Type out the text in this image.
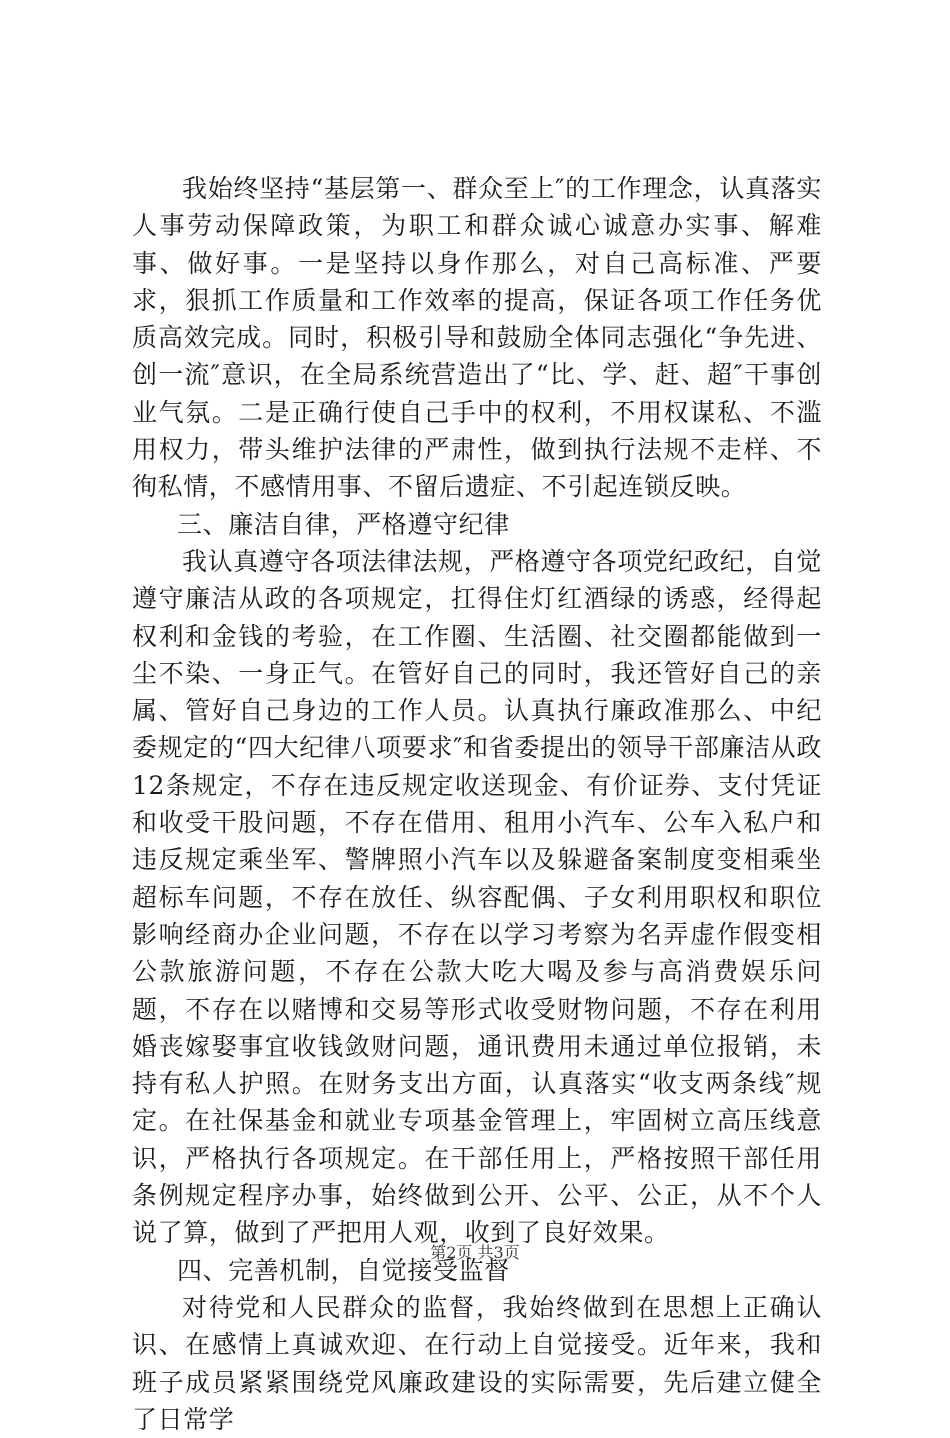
我始终坚持“基层第一、群众至上″的工作理念，认真落实人事劳动保障政策，为职工和群众诚心诚意办实事、解难事、做好事。一是坚持以身作那么，对自己高标准、严要求，狠抓工作质量和工作效率的提高，保证各项工作任务优质高效完成。同时，积极引导和鼓励全体同志强化“争先进、创一流″意识，在全局系统营造出了“比、学、赶、超″干事创业气氛。二是正确行使自己手中的权利，不用权谋私、不滥用权力，带头维护法律的严肃性，做到执行法规不走样、不徇私情，不感情用事、不留后遗症、不引起连锁反映。

三、廉洁自律，严格遵守纪律

我认真遵守各项法律法规，严格遵守各项党纪政纪，自觉遵守廉洁从政的各项规定，扛得住灯红酒绿的诱惑，经得起权利和金钱的考验，在工作圈、生活圈、社交圈都能做到一尘不染、一身正气。在管好自己的同时，我还管好自己的亲属、管好自己身边的工作人员。认真执行廉政准那么、中纪委规定的“四大纪律八项要求″和省委提出的领导干部廉洁从政12条规定，不存在违反规定收送现金、有价证券、支付凭证和收受干股问题，不存在借用、租用小汽车、公车入私户和违反规定乘坐军、警牌照小汽车以及躲避备案制度变相乘坐超标车问题，不存在放任、纵容配偶、子女利用职权和职位影响经商办企业问题，不存在以学习考察为名弄虚作假变相公款旅游问题，不存在公款大吃大喝及参与高消费娱乐问题，不存在以赌博和交易等形式收受财物问题，不存在利用婚丧嫁娶事宜收钱敛财问题，通讯费用未通过单位报销，未持有私人护照。在财务支出方面，认真落实“收支两条线″规定。在社保基金和就业专项基金管理上，牢固树立高压线意识，严格执行各项规定。在干部任用上，严格按照干部任用条例规定程序办事，始终做到公开、公平、公正，从不个人说了算，做到了严把用人观，收到了良好效果。

四、完善机制，自觉接受监督

对待党和人民群众的监督，我始终做到在思想上正确认识、在感情上真诚欢迎、在行动上自觉接受。近年来，我和班子成员紧紧围绕党风廉政建设的实际需要，先后建立健全了日常学

第2页 共3页
